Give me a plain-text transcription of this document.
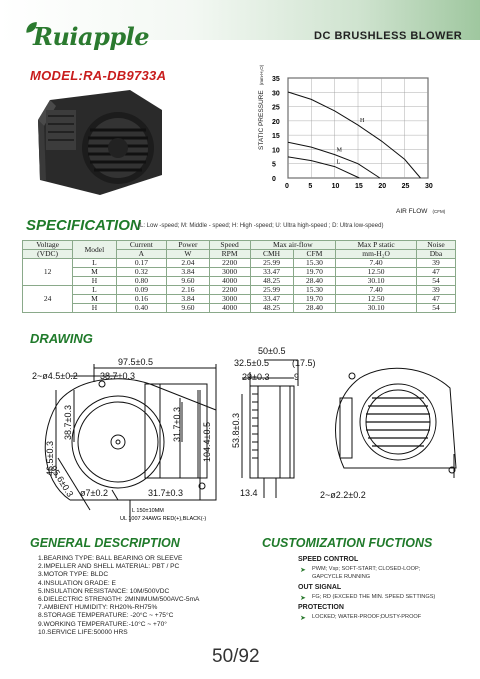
Ruiapple	DC BRUSHLESS BLOWER
MODEL:RA-DB9733A
0
5
10
15
20
25
30
35
0	5	10 15 20 25 30
H
M
L
STATIC PRESSURE (mm-H₂O)
AIR FLOW (CFM)
SPECIFICATION
(L: Low -speed; M: Middle - speed; H: High -speed; U: Ultra high-speed ; D: Ultra low-speed)
Voltage	Model	Current	Power	Speed	Max air-flow		Max P static	Noise
(VDC)		A	W	RPM	CMH	CFM	mm-H₂O	Dba
12	L	0.17	2.04	2200	25.99	15.30	7.40	39
	M	0.32	3.84	3000	33.47	19.70	12.50	47
	H	0.80	9.60	4000	48.25	28.40	30.10	54
24	L	0.09	2.16	2200	25.99	15.30	7.40	39
	M	0.16	3.84	3000	33.47	19.70	12.50	47
	H	0.40	9.60	4000	48.25	28.40	30.10	54
DRAWING
97.5±0.5
2~ø4.5±0.2 38.7±0.3
46.5±0.3
38.7±0.3	31.7±0.3 104.4±0.5
95.6±0.3 ø7±0.2	31.7±0.3
L 150±10MM
UL 1007 24AWG RED(+),BLACK(-)
32.5±0.5
50±0.5
(17.5)
29±0.3	9
53.8±0.3
13.4	2~ø2.2±0.2
GENERAL DESCRIPTION
1.BEARING TYPE: BALL BEARING OR SLEEVE
2.IMPELLER AND SHELL MATERIAL: PBT / PC
3.MOTOR TYPE: BLDC
4.INSULATION GRADE: E
5.INSULATION RESISTANCE: 10M/500VDC
6.DIELECTRIC STRENGTH: 2MINIMUM/500AVC-5mA
7.AMBIENT HUMIDITY: RH20%-RH75%
8.STORAGE TEMPERATURE: -20°C ~ +75°C
9.WORKING TEMPERATURE:-10°C ~ +70°
10.SERVICE LIFE:50000 HRS
CUSTOMIZATION FUCTIONS
SPEED CONTROL
➤ PWM; Vsp; SOFT-START; CLOSED-LOOP;
GAPCYCLE RUNNING
OUT SIGNAL
➤ FG; RD (EXCEED THE MIN. SPEED SETTINGS)
PROTECTION
➤ LOCKED; WATER-PROOF;DUSTY-PROOF
50/92
